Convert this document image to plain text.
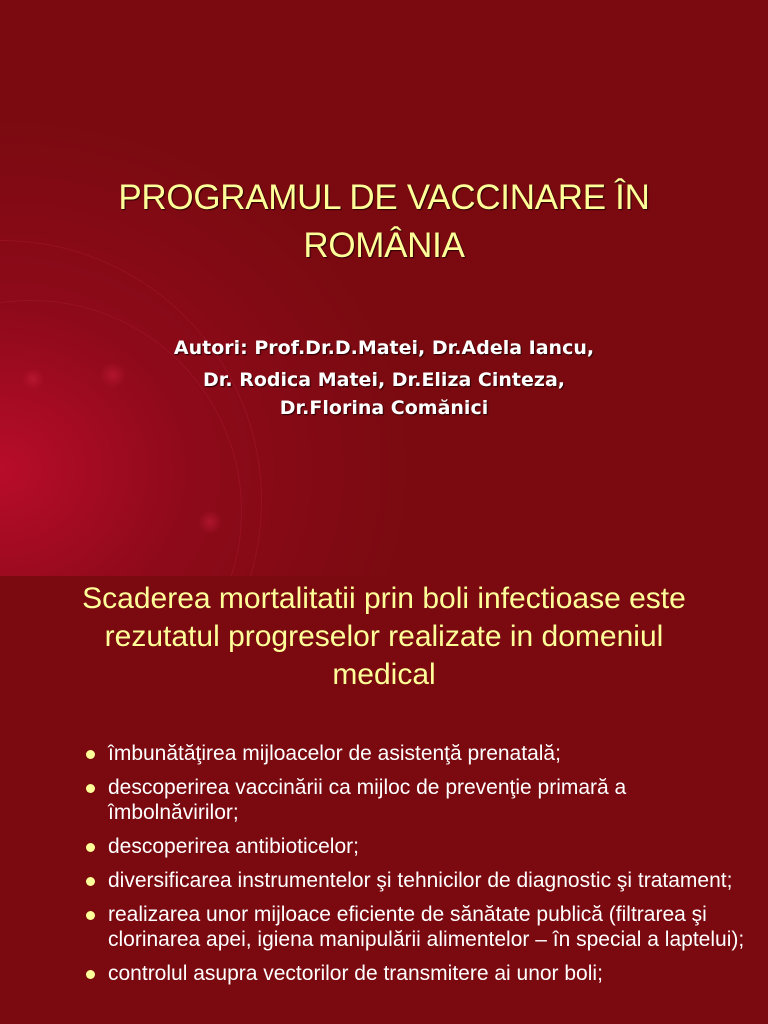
PROGRAMUL DE VACCINARE ÎN
ROMÂNIA
Autori: Prof.Dr.D.Matei, Dr.Adela Iancu,
Dr. Rodica Matei, Dr.Eliza Cinteza,
Dr.Florina Comănici
Scaderea mortalitatii prin boli infectioase este
rezutatul progreselor realizate in domeniul
medical
îmbunătăţirea mijloacelor de asistenţă prenatală;
descoperirea vaccinării ca mijloc de prevenţie primară a îmbolnăvirilor;
descoperirea antibioticelor;
diversificarea instrumentelor şi tehnicilor de diagnostic şi tratament;
realizarea unor mijloace eficiente de sănătate publică (filtrarea şi clorinarea apei, igiena manipulării alimentelor – în special a laptelui);
controlul asupra vectorilor de transmitere ai unor boli;
